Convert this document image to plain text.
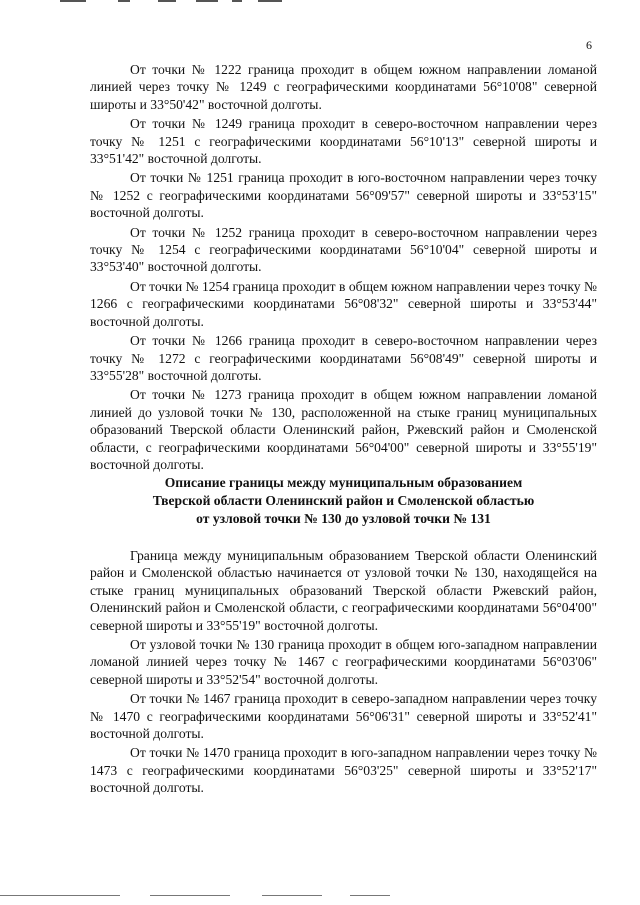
6

От точки № 1222 граница проходит в общем южном направлении ломаной линией через точку № 1249 с географическими координатами 56°10'08" северной широты и 33°50'42" восточной долготы.

От точки № 1249 граница проходит в северо-восточном направлении через точку № 1251 с географическими координатами 56°10'13" северной широты и 33°51'42" восточной долготы.

От точки № 1251 граница проходит в юго-восточном направлении через точку № 1252 с географическими координатами 56°09'57" северной широты и 33°53'15" восточной долготы.

От точки № 1252 граница проходит в северо-восточном направлении через точку № 1254 с географическими координатами 56°10'04" северной широты и 33°53'40" восточной долготы.

От точки № 1254 граница проходит в общем южном направлении через точку № 1266 с географическими координатами 56°08'32" северной широты и 33°53'44" восточной долготы.

От точки № 1266 граница проходит в северо-восточном направлении через точку № 1272 с географическими координатами 56°08'49" северной широты и 33°55'28" восточной долготы.

От точки № 1273 граница проходит в общем южном направлении ломаной линией до узловой точки № 130, расположенной на стыке границ муниципальных образований Тверской области Оленинский район, Ржевский район и Смоленской области, с географическими координатами 56°04'00" северной широты и 33°55'19" восточной долготы.

Описание границы между муниципальным образованием
Тверской области Оленинский район и Смоленской областью
от узловой точки № 130 до узловой точки № 131

Граница между муниципальным образованием Тверской области Оленинский район и Смоленской областью начинается от узловой точки № 130, находящейся на стыке границ муниципальных образований Тверской области Ржевский район, Оленинский район и Смоленской области, с географическими координатами 56°04'00" северной широты и 33°55'19" восточной долготы.

От узловой точки № 130 граница проходит в общем юго-западном направлении ломаной линией через точку № 1467 с географическими координатами 56°03'06" северной широты и 33°52'54" восточной долготы.

От точки № 1467 граница проходит в северо-западном направлении через точку № 1470 с географическими координатами 56°06'31" северной широты и 33°52'41" восточной долготы.

От точки № 1470 граница проходит в юго-западном направлении через точку № 1473 с географическими координатами 56°03'25" северной широты и 33°52'17" восточной долготы.
